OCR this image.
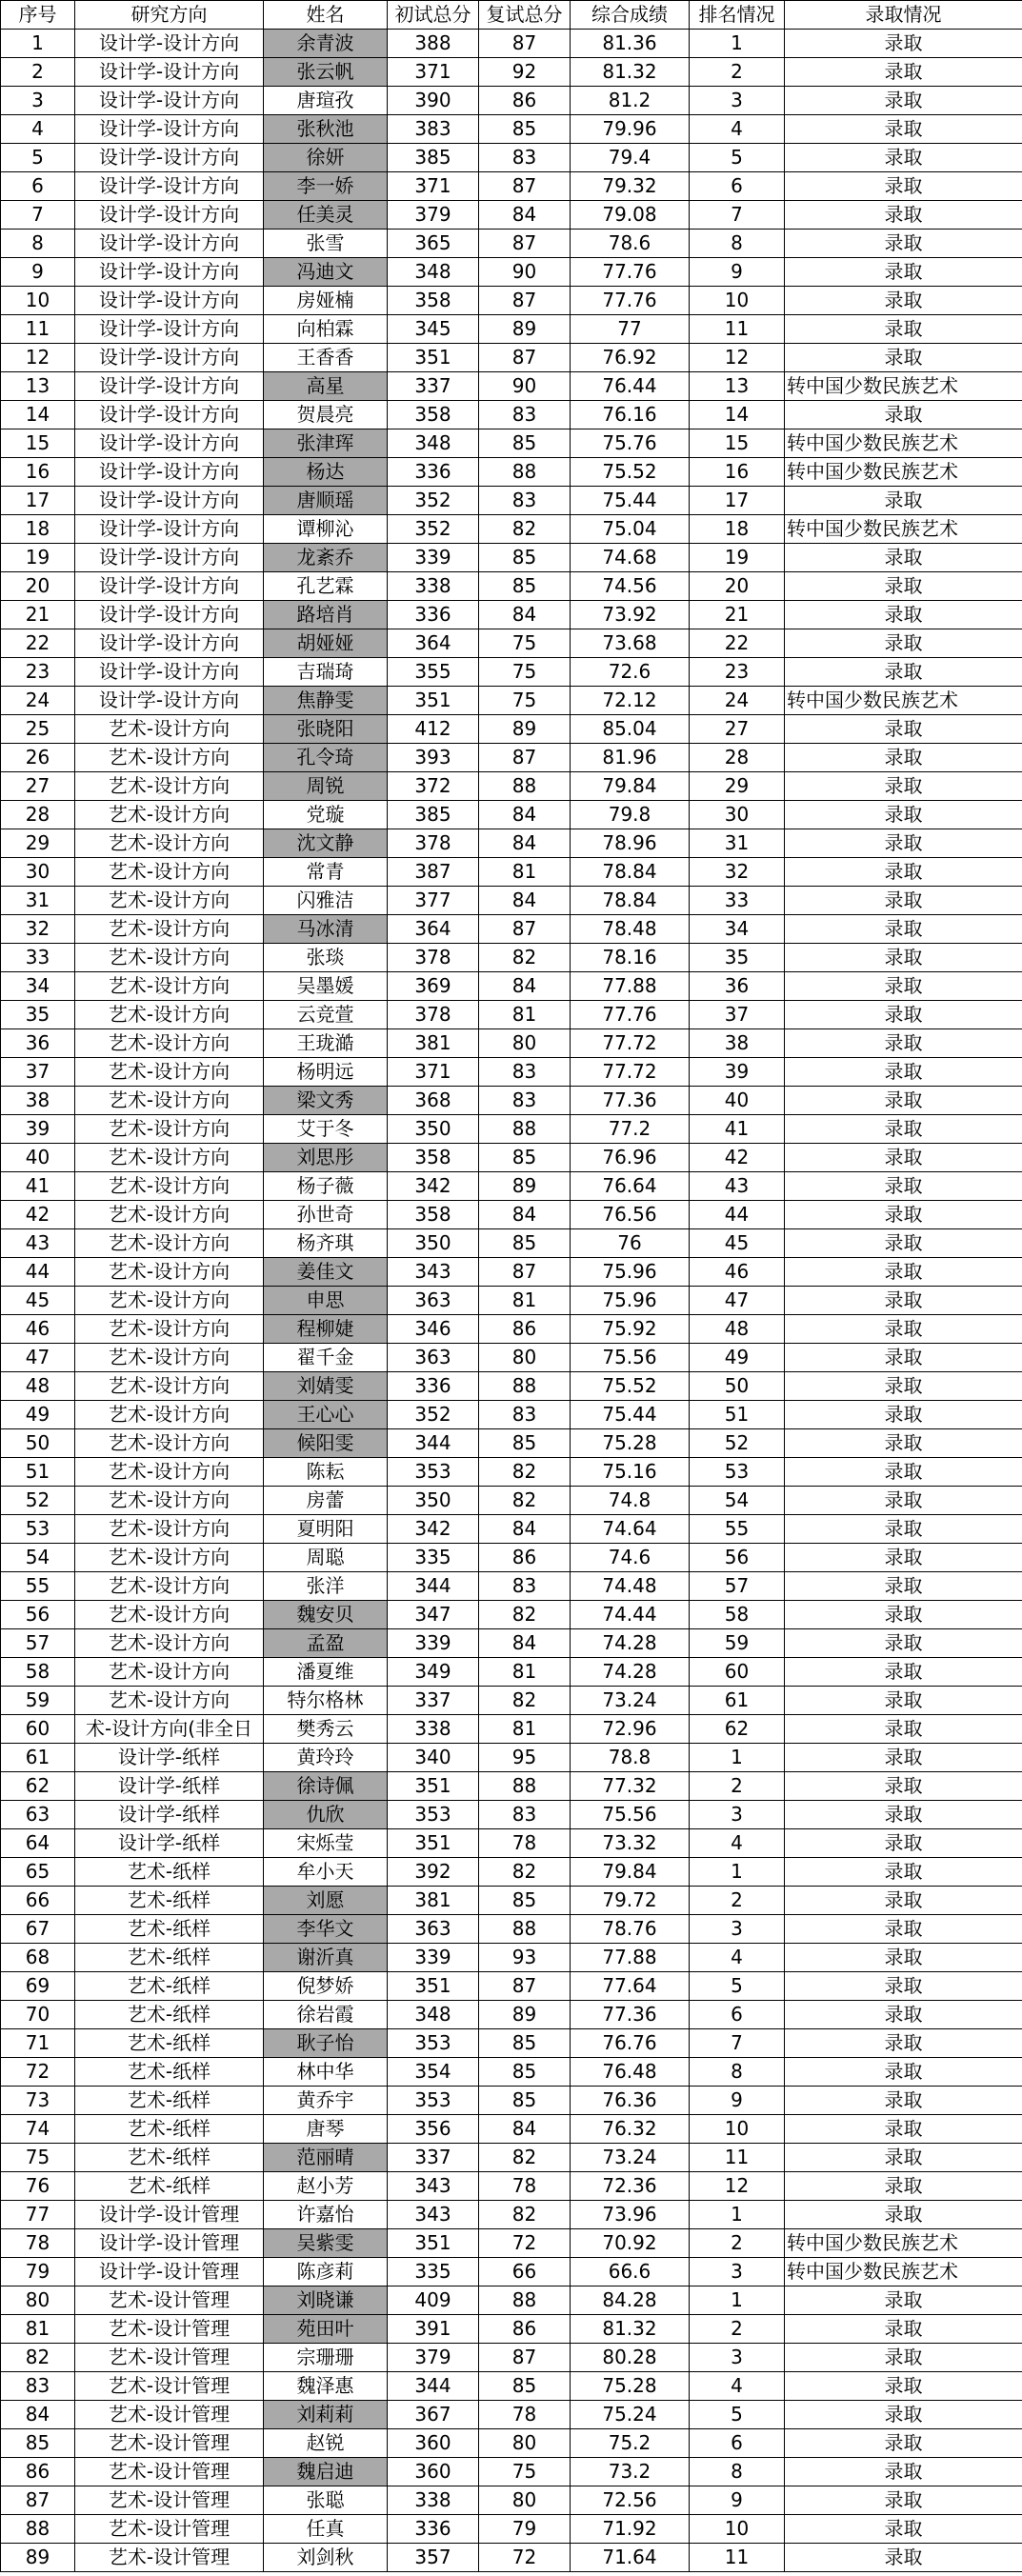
序号	研究方向	姓名	初试总分	复试总分	综合成绩	排名情况	录取情况
1	设计学-设计方向	余青波	388	87	81.36	1	录取
2	设计学-设计方向	张云帆	371	92	81.32	2	录取
3	设计学-设计方向	唐瑄孜	390	86	81.2	3	录取
4	设计学-设计方向	张秋池	383	85	79.96	4	录取
5	设计学-设计方向	徐妍	385	83	79.4	5	录取
6	设计学-设计方向	李一娇	371	87	79.32	6	录取
7	设计学-设计方向	任美灵	379	84	79.08	7	录取
8	设计学-设计方向	张雪	365	87	78.6	8	录取
9	设计学-设计方向	冯迪文	348	90	77.76	9	录取
10	设计学-设计方向	房娅楠	358	87	77.76	10	录取
11	设计学-设计方向	向柏霖	345	89	77	11	录取
12	设计学-设计方向	王香香	351	87	76.92	12	录取
13	设计学-设计方向	高星	337	90	76.44	13	转中国少数民族艺术
14	设计学-设计方向	贺晨亮	358	83	76.16	14	录取
15	设计学-设计方向	张津珲	348	85	75.76	15	转中国少数民族艺术
16	设计学-设计方向	杨达	336	88	75.52	16	转中国少数民族艺术
17	设计学-设计方向	唐顺瑶	352	83	75.44	17	录取
18	设计学-设计方向	谭柳沁	352	82	75.04	18	转中国少数民族艺术
19	设计学-设计方向	龙紊乔	339	85	74.68	19	录取
20	设计学-设计方向	孔艺霖	338	85	74.56	20	录取
21	设计学-设计方向	路培肖	336	84	73.92	21	录取
22	设计学-设计方向	胡娅娅	364	75	73.68	22	录取
23	设计学-设计方向	吉瑞琦	355	75	72.6	23	录取
24	设计学-设计方向	焦静雯	351	75	72.12	24	转中国少数民族艺术
25	艺术-设计方向	张晓阳	412	89	85.04	27	录取
26	艺术-设计方向	孔令琦	393	87	81.96	28	录取
27	艺术-设计方向	周锐	372	88	79.84	29	录取
28	艺术-设计方向	党璇	385	84	79.8	30	录取
29	艺术-设计方向	沈文静	378	84	78.96	31	录取
30	艺术-设计方向	常青	387	81	78.84	32	录取
31	艺术-设计方向	闪雅洁	377	84	78.84	33	录取
32	艺术-设计方向	马冰清	364	87	78.48	34	录取
33	艺术-设计方向	张琰	378	82	78.16	35	录取
34	艺术-设计方向	吴墨媛	369	84	77.88	36	录取
35	艺术-设计方向	云竞萱	378	81	77.76	37	录取
36	艺术-设计方向	王珑澔	381	80	77.72	38	录取
37	艺术-设计方向	杨明远	371	83	77.72	39	录取
38	艺术-设计方向	梁文秀	368	83	77.36	40	录取
39	艺术-设计方向	艾于冬	350	88	77.2	41	录取
40	艺术-设计方向	刘思彤	358	85	76.96	42	录取
41	艺术-设计方向	杨子薇	342	89	76.64	43	录取
42	艺术-设计方向	孙世奇	358	84	76.56	44	录取
43	艺术-设计方向	杨齐琪	350	85	76	45	录取
44	艺术-设计方向	姜佳文	343	87	75.96	46	录取
45	艺术-设计方向	申思	363	81	75.96	47	录取
46	艺术-设计方向	程柳婕	346	86	75.92	48	录取
47	艺术-设计方向	翟千金	363	80	75.56	49	录取
48	艺术-设计方向	刘婧雯	336	88	75.52	50	录取
49	艺术-设计方向	王心心	352	83	75.44	51	录取
50	艺术-设计方向	候阳雯	344	85	75.28	52	录取
51	艺术-设计方向	陈耘	353	82	75.16	53	录取
52	艺术-设计方向	房蕾	350	82	74.8	54	录取
53	艺术-设计方向	夏明阳	342	84	74.64	55	录取
54	艺术-设计方向	周聪	335	86	74.6	56	录取
55	艺术-设计方向	张洋	344	83	74.48	57	录取
56	艺术-设计方向	魏安贝	347	82	74.44	58	录取
57	艺术-设计方向	孟盈	339	84	74.28	59	录取
58	艺术-设计方向	潘夏维	349	81	74.28	60	录取
59	艺术-设计方向	特尔格林	337	82	73.24	61	录取
60	术-设计方向(非全日	樊秀云	338	81	72.96	62	录取
61	设计学-纸样	黄玲玲	340	95	78.8	1	录取
62	设计学-纸样	徐诗佩	351	88	77.32	2	录取
63	设计学-纸样	仇欣	353	83	75.56	3	录取
64	设计学-纸样	宋烁莹	351	78	73.32	4	录取
65	艺术-纸样	牟小天	392	82	79.84	1	录取
66	艺术-纸样	刘愿	381	85	79.72	2	录取
67	艺术-纸样	李华文	363	88	78.76	3	录取
68	艺术-纸样	谢沂真	339	93	77.88	4	录取
69	艺术-纸样	倪梦娇	351	87	77.64	5	录取
70	艺术-纸样	徐岩霞	348	89	77.36	6	录取
71	艺术-纸样	耿子怡	353	85	76.76	7	录取
72	艺术-纸样	林中华	354	85	76.48	8	录取
73	艺术-纸样	黄乔宇	353	85	76.36	9	录取
74	艺术-纸样	唐琴	356	84	76.32	10	录取
75	艺术-纸样	范丽晴	337	82	73.24	11	录取
76	艺术-纸样	赵小芳	343	78	72.36	12	录取
77	设计学-设计管理	许嘉怡	343	82	73.96	1	录取
78	设计学-设计管理	吴紫雯	351	72	70.92	2	转中国少数民族艺术
79	设计学-设计管理	陈彦莉	335	66	66.6	3	转中国少数民族艺术
80	艺术-设计管理	刘晓谦	409	88	84.28	1	录取
81	艺术-设计管理	苑田叶	391	86	81.32	2	录取
82	艺术-设计管理	宗珊珊	379	87	80.28	3	录取
83	艺术-设计管理	魏泽惠	344	85	75.28	4	录取
84	艺术-设计管理	刘莉莉	367	78	75.24	5	录取
85	艺术-设计管理	赵锐	360	80	75.2	6	录取
86	艺术-设计管理	魏启迪	360	75	73.2	8	录取
87	艺术-设计管理	张聪	338	80	72.56	9	录取
88	艺术-设计管理	任真	336	79	71.92	10	录取
89	艺术-设计管理	刘剑秋	357	72	71.64	11	录取
